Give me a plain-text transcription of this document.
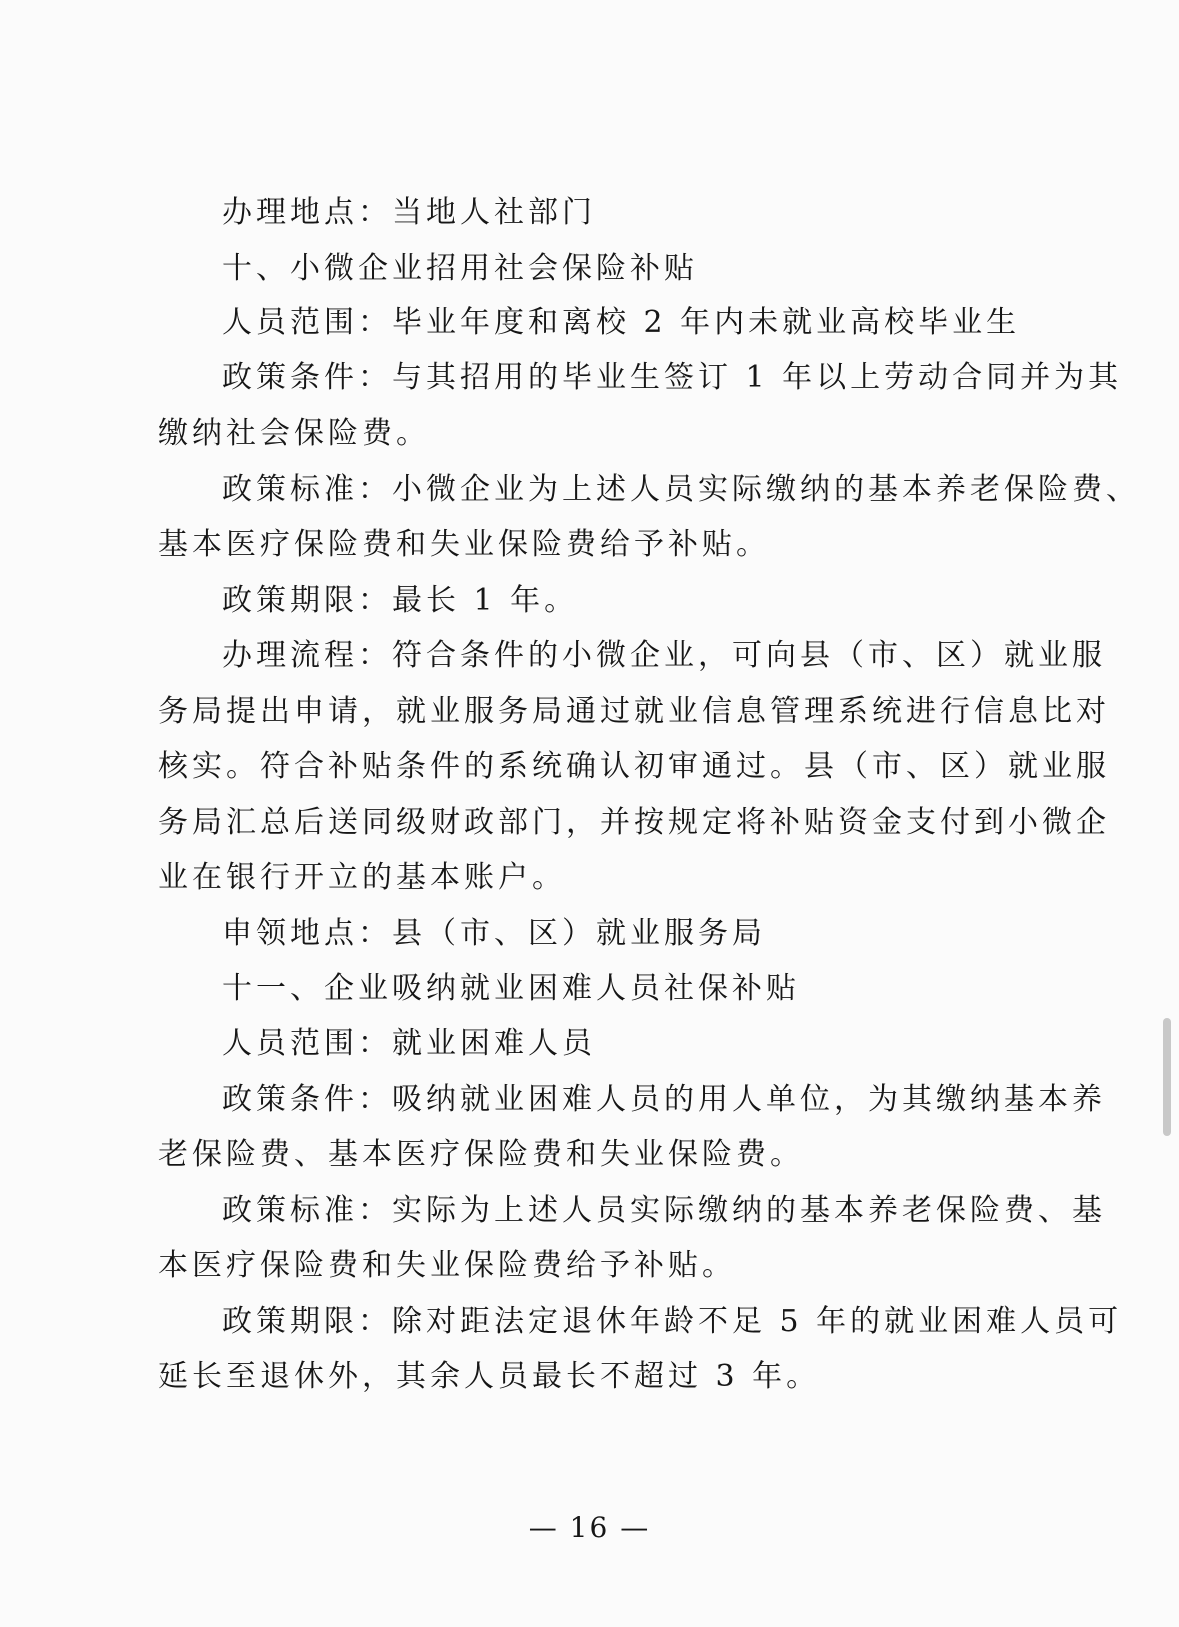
办理地点：当地人社部门
十、小微企业招用社会保险补贴
人员范围：毕业年度和离校 2 年内未就业高校毕业生
政策条件：与其招用的毕业生签订 1 年以上劳动合同并为其
缴纳社会保险费。
政策标准：小微企业为上述人员实际缴纳的基本养老保险费、
基本医疗保险费和失业保险费给予补贴。
政策期限：最长 1 年。
办理流程：符合条件的小微企业，可向县（市、区）就业服
务局提出申请，就业服务局通过就业信息管理系统进行信息比对
核实。符合补贴条件的系统确认初审通过。县（市、区）就业服
务局汇总后送同级财政部门，并按规定将补贴资金支付到小微企
业在银行开立的基本账户。
申领地点：县（市、区）就业服务局
十一、企业吸纳就业困难人员社保补贴
人员范围：就业困难人员
政策条件：吸纳就业困难人员的用人单位，为其缴纳基本养
老保险费、基本医疗保险费和失业保险费。
政策标准：实际为上述人员实际缴纳的基本养老保险费、基
本医疗保险费和失业保险费给予补贴。
政策期限：除对距法定退休年龄不足 5 年的就业困难人员可
延长至退休外，其余人员最长不超过 3 年。
— 16 —
